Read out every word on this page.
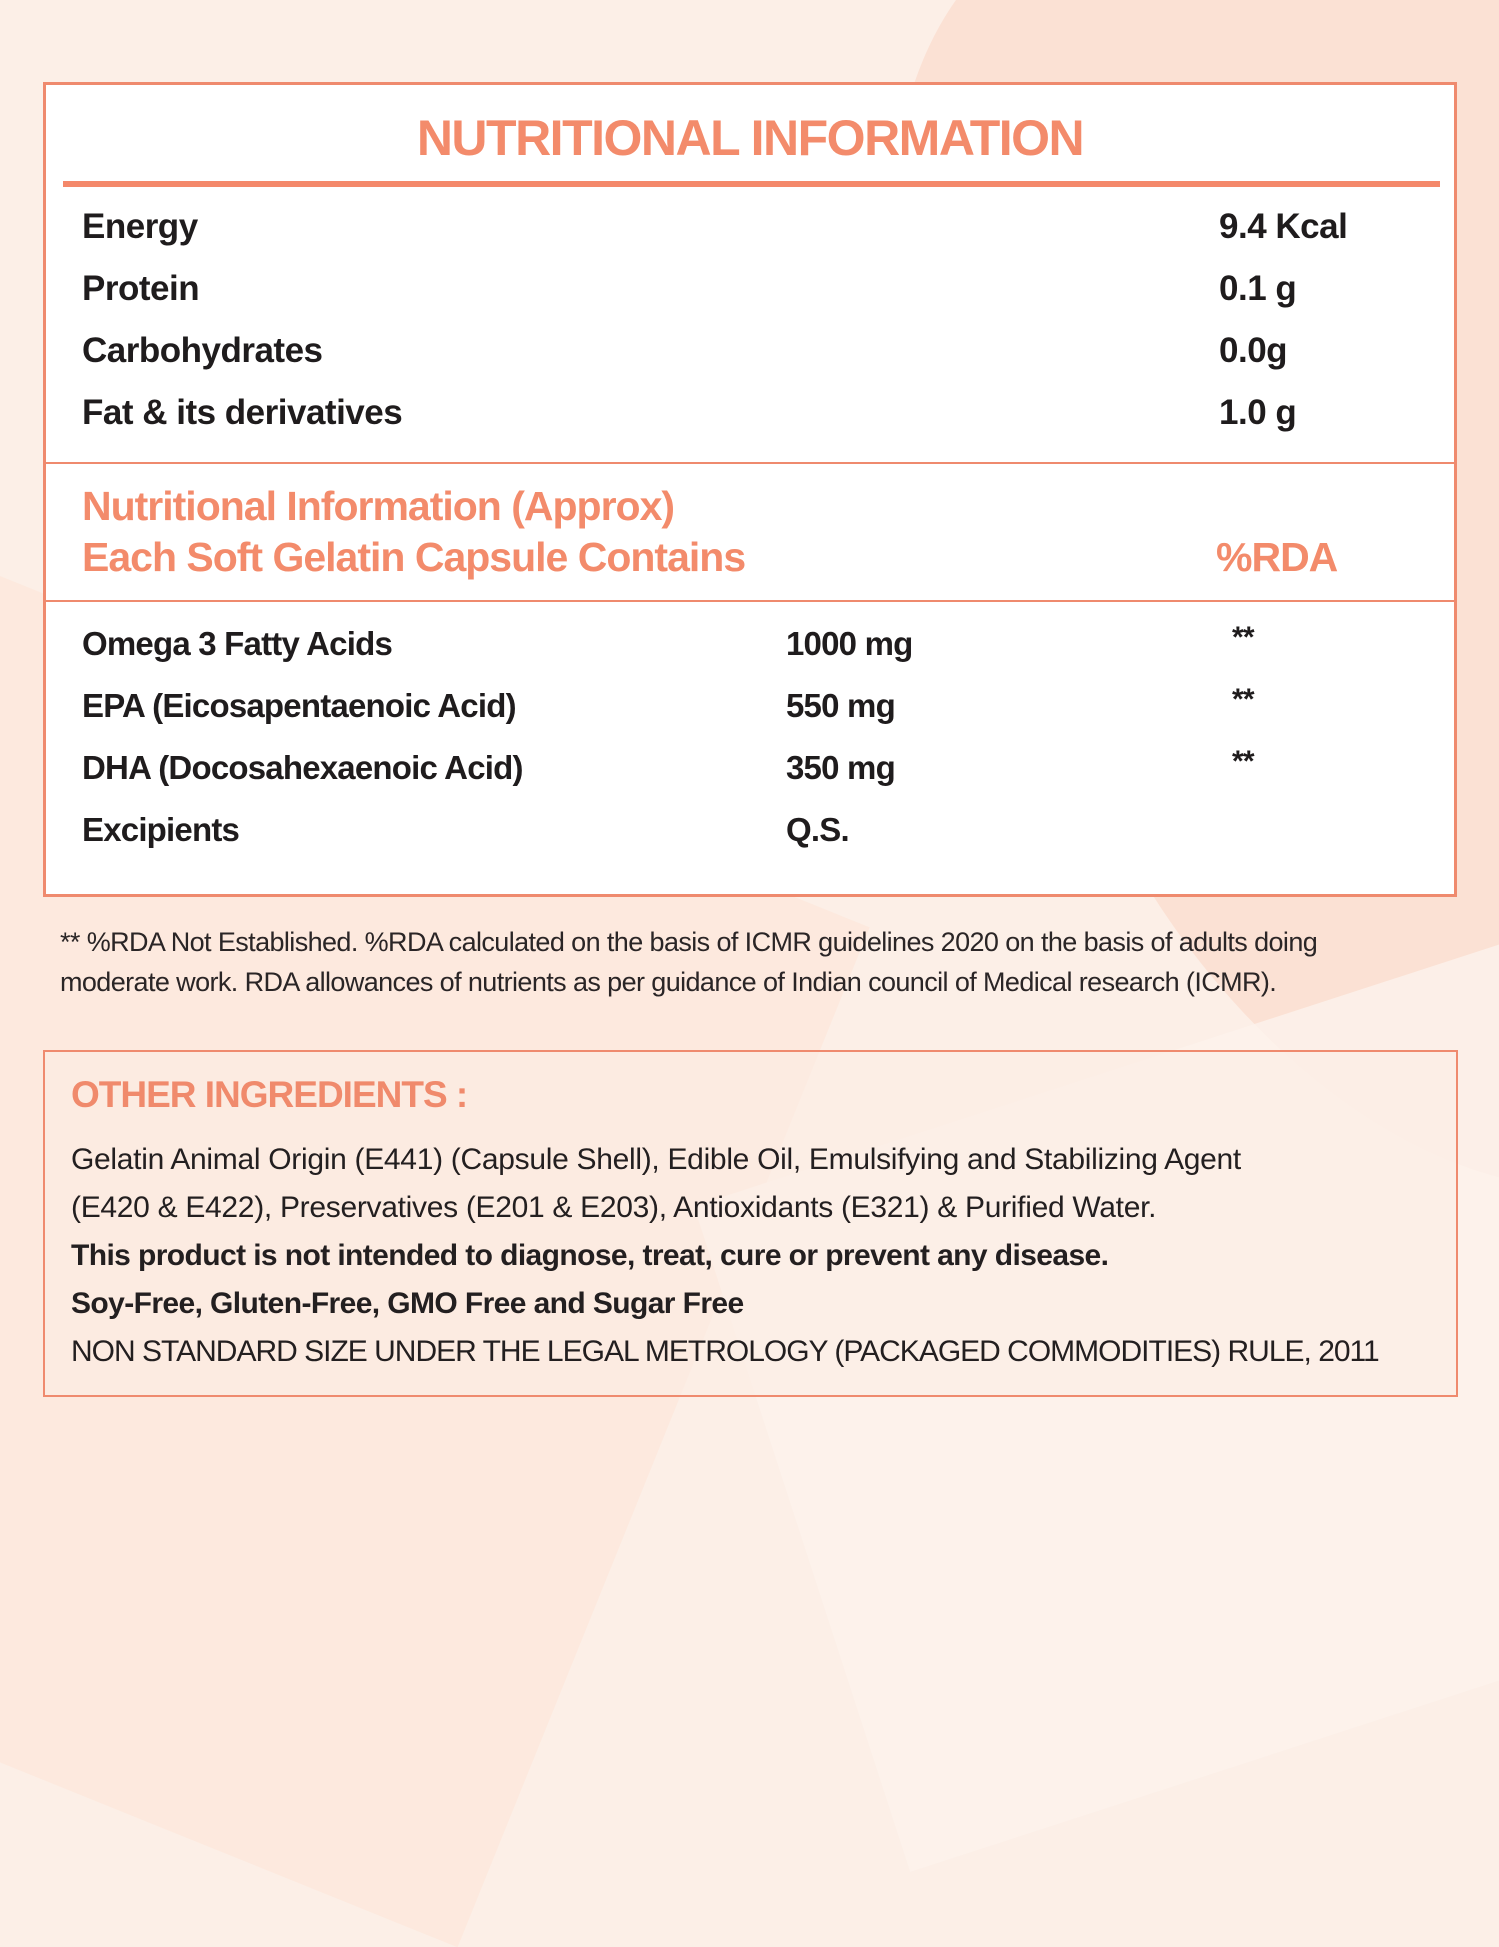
NUTRITIONAL INFORMATION
Energy	9.4 Kcal
Protein	0.1 g
Carbohydrates	0.0g
Fat & its derivatives	1.0 g
Nutritional Information (Approx)
Each Soft Gelatin Capsule Contains	%RDA
Omega 3 Fatty Acids	1000 mg	**
EPA (Eicosapentaenoic Acid)	550 mg	**
DHA (Docosahexaenoic Acid)	350 mg	**
Excipients	Q.S.
** %RDA Not Established. %RDA calculated on the basis of ICMR guidelines 2020 on the basis of adults doing
moderate work. RDA allowances of nutrients as per guidance of Indian council of Medical research (ICMR).
OTHER INGREDIENTS :
Gelatin Animal Origin (E441) (Capsule Shell), Edible Oil, Emulsifying and Stabilizing Agent
(E420 & E422), Preservatives (E201 & E203), Antioxidants (E321) & Purified Water.
This product is not intended to diagnose, treat, cure or prevent any disease.
Soy-Free, Gluten-Free, GMO Free and Sugar Free
NON STANDARD SIZE UNDER THE LEGAL METROLOGY (PACKAGED COMMODITIES) RULE, 2011
